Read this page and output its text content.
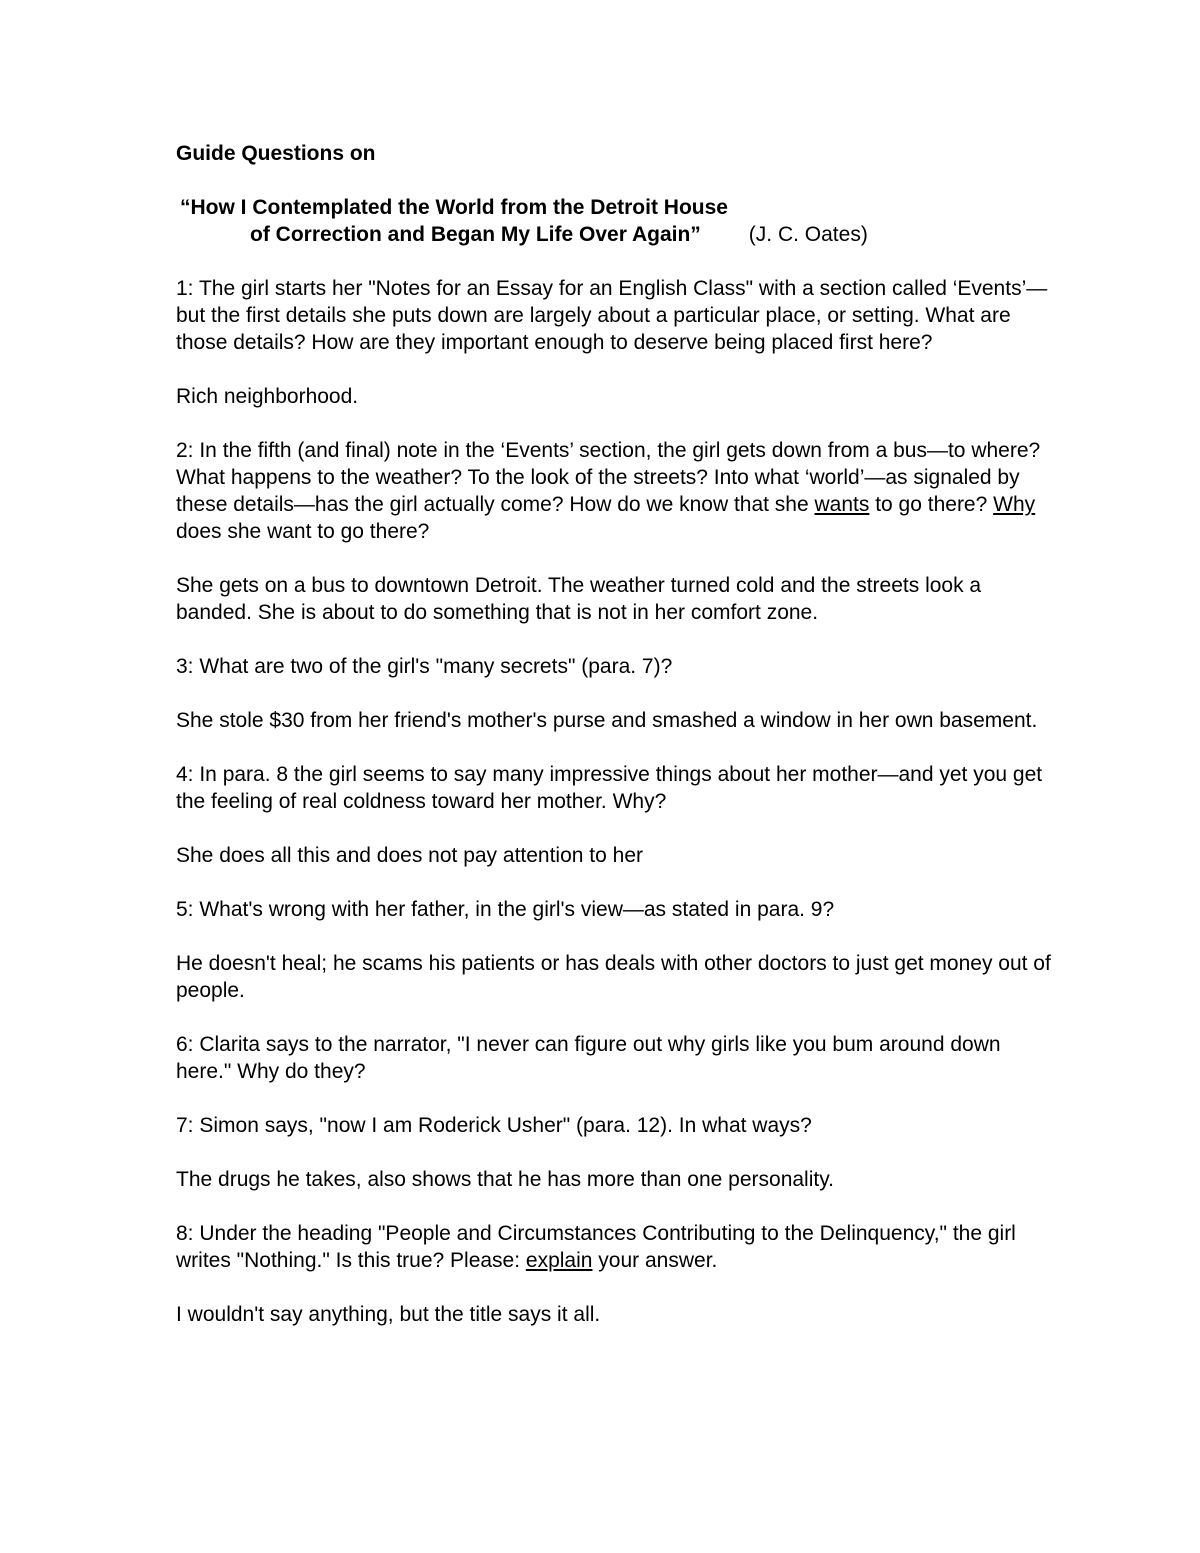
Guide Questions on

“How I Contemplated the World from the Detroit House
of Correction and Began My Life Over Again” (J. C. Oates)

1: The girl starts her "Notes for an Essay for an English Class" with a section called ‘Events’—but the first details she puts down are largely about a particular place, or setting. What are those details? How are they important enough to deserve being placed first here?

Rich neighborhood.

2: In the fifth (and final) note in the ‘Events’ section, the girl gets down from a bus—to where? What happens to the weather? To the look of the streets? Into what ‘world’—as signaled by these details—has the girl actually come? How do we know that she wants to go there? Why does she want to go there?

She gets on a bus to downtown Detroit. The weather turned cold and the streets look a banded. She is about to do something that is not in her comfort zone.

3: What are two of the girl's "many secrets" (para. 7)?

She stole $30 from her friend's mother's purse and smashed a window in her own basement.

4: In para. 8 the girl seems to say many impressive things about her mother—and yet you get the feeling of real coldness toward her mother. Why?

She does all this and does not pay attention to her

5: What's wrong with her father, in the girl's view—as stated in para. 9?

He doesn't heal; he scams his patients or has deals with other doctors to just get money out of people.

6: Clarita says to the narrator, "I never can figure out why girls like you bum around down here." Why do they?

7: Simon says, "now I am Roderick Usher" (para. 12). In what ways?

The drugs he takes, also shows that he has more than one personality.

8: Under the heading "People and Circumstances Contributing to the Delinquency," the girl writes "Nothing." Is this true? Please: explain your answer.

I wouldn't say anything, but the title says it all.
